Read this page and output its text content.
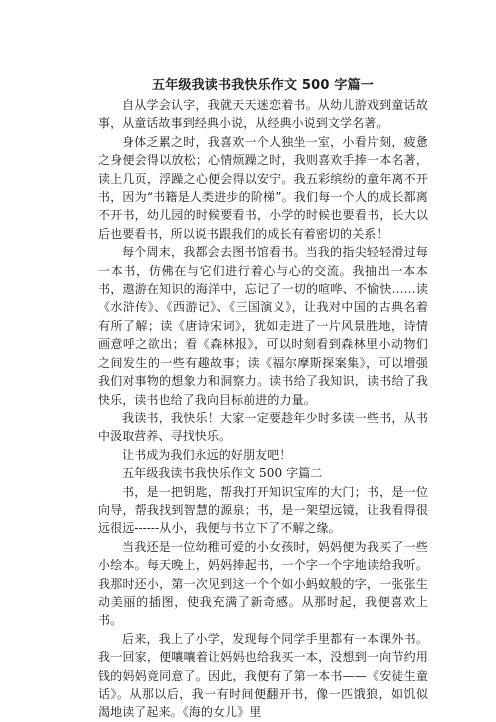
五年级我读书我快乐作文 500 字篇一

自从学会认字，我就天天迷恋着书。从幼儿游戏到童话故事，从童话故事到经典小说，从经典小说到文学名著。

身体乏累之时，我喜欢一个人独坐一室，小看片刻，疲惫之身便会得以放松；心情烦躁之时，我则喜欢手捧一本名著，读上几页，浮躁之心便会得以安宁。我五彩缤纷的童年离不开书，因为“书籍是人类进步的阶梯”。我们每一个人的成长都离不开书，幼儿园的时候要看书，小学的时候也要看书，长大以后也要看书，所以说书跟我们的成长有着密切的关系！

每个周末，我都会去图书馆看书。当我的指尖轻轻滑过每一本书，仿佛在与它们进行着心与心的交流。我抽出一本本书，遨游在知识的海洋中，忘记了一切的喧哗、不愉快……读《水浒传》、《西游记》、《三国演义》，让我对中国的古典名着有所了解；读《唐诗宋词》，犹如走进了一片风景胜地，诗情画意呼之欲出；看《森林报》，可以时刻看到森林里小动物们之间发生的一些有趣故事；读《福尔摩斯探案集》，可以增强我们对事物的想象力和洞察力。读书给了我知识，读书给了我快乐，读书也给了我向目标前进的力量。

我读书，我快乐！大家一定要趁年少时多读一些书，从书中汲取营养、寻找快乐。

让书成为我们永远的好朋友吧！

五年级我读书我快乐作文 500 字篇二

书，是一把钥匙，帮我打开知识宝库的大门；书，是一位向导，帮我找到智慧的源泉；书，是一架望远镜，让我看得很远很远------从小，我便与书立下了不解之缘。

当我还是一位幼稚可爱的小女孩时，妈妈便为我买了一些小绘本。每天晚上，妈妈捧起书，一个字一个字地读给我听。我那时还小，第一次见到这一个个如小蚂蚁般的字，一张张生动美丽的插图，使我充满了新奇感。从那时起，我便喜欢上书。

后来，我上了小学，发现每个同学手里都有一本课外书。我一回家，便嚷嚷着让妈妈也给我买一本，没想到一向节约用钱的妈妈竟同意了。因此，我便有了第一本书——《安徒生童话》。从那以后，我一有时间便翻开书，像一匹饿狼，如饥似渴地读了起来。《海的女儿》里
